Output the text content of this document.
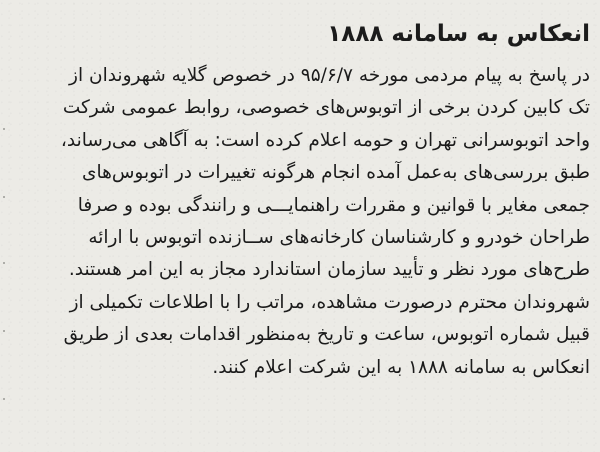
انعکاس به سامانه ۱۸۸۸
در پاسخ به پیام مردمی مورخه ۹۵/۶/۷ در خصوص گلایه شهروندان از
تک کابین کردن برخی از اتوبوس‌های خصوصی، روابط عمومی شرکت
واحد اتوبوسرانی تهران و حومه اعلام کرده است: به آگاهی می‌رساند،
طبق بررسی‌های به‌عمل آمده انجام هرگونه تغییرات در اتوبوس‌های
جمعی مغایر با قوانین و مقررات راهنمایـــی و رانندگی بوده و صرفا
طراحان خودرو و کارشناسان کارخانه‌های ســازنده اتوبوس با ارائه
طرح‌های مورد نظر و تأیید سازمان استاندارد مجاز به این امر هستند.
شهروندان محترم درصورت مشاهده، مراتب را با اطلاعات تکمیلی از
قبیل شماره اتوبوس، ساعت و تاریخ به‌منظور اقدامات بعدی از طریق
انعکاس به سامانه ۱۸۸۸ به این شرکت اعلام کنند.
